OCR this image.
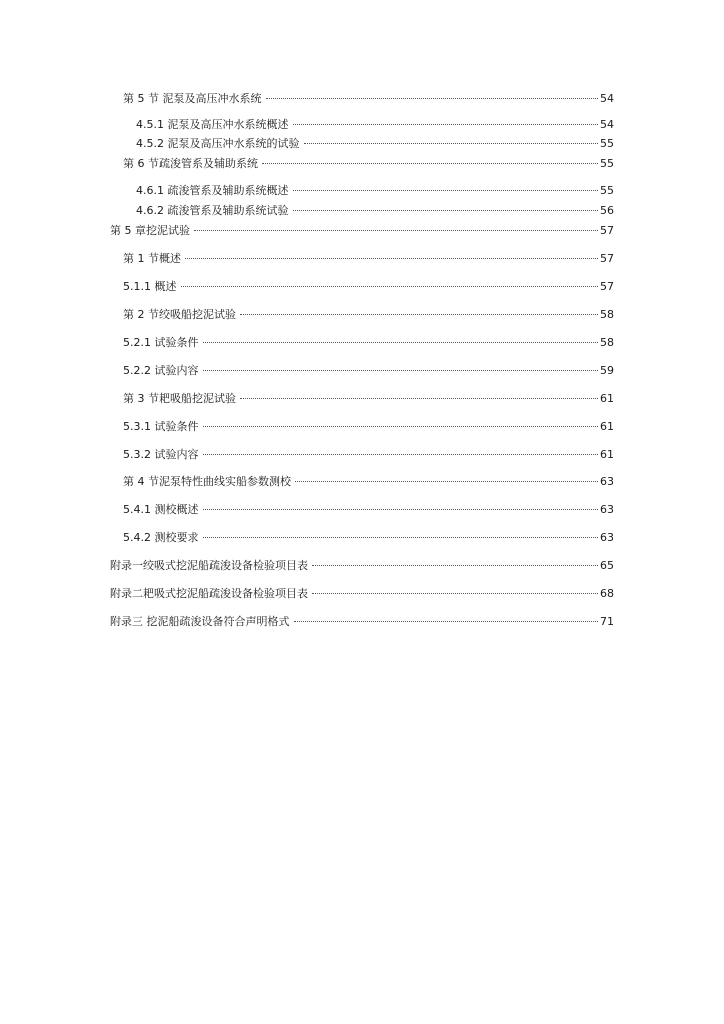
第 5 节 泥泵及高压冲水系统	54
4.5.1 泥泵及高压冲水系统概述	54
4.5.2 泥泵及高压冲水系统的试验	55
第 6 节疏浚管系及辅助系统	55
4.6.1 疏浚管系及辅助系统概述	55
4.6.2 疏浚管系及辅助系统试验	56
第 5 章挖泥试验	57
第 1 节概述	57
5.1.1 概述	57
第 2 节绞吸船挖泥试验	58
5.2.1 试验条件	58
5.2.2 试验内容	59
第 3 节耙吸船挖泥试验	61
5.3.1 试验条件	61
5.3.2 试验内容	61
第 4 节泥泵特性曲线实船参数测校	63
5.4.1 测校概述	63
5.4.2 测校要求	63
附录一绞吸式挖泥船疏浚设备检验项目表	65
附录二耙吸式挖泥船疏浚设备检验项目表	68
附录三 挖泥船疏浚设备符合声明格式	71
